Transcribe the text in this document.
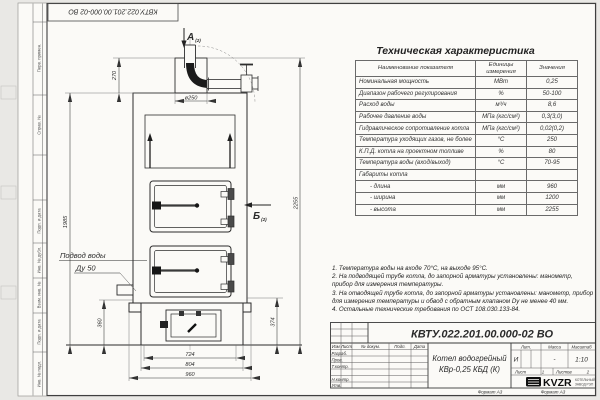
Перв. примен.
Справ. №
Подп. и дата
Инв. № дубл.
Взам. инв. №
Подп. и дата
Инв. № подл.
КВТУ.022.201.00.000-02 ВО
$А_{(2)}$
$Б_{(2)}$
Подвод воды
Ду 50
270
ø250
1985
2255
360	374
724
804
960
КВТУ.022.201.00.000-02 ВО
Изм Лист № докум.	Подп. Дата
Разраб.
Пров.
Т.контр.
Н.контр.
Утв.
Котел водогрейный
КВр-0,25 КБД (К)
Лит.	Масса Масштаб
И	-	1:10
Лист	1	Листов	2
KVZR КОТЕЛЬНЫЙ
ЗАВОД РЭП
Формат А3	Формат А3
Техническая характеристика
Наименование показателя	Единицы измерения	Значения
Номинальная мощность	МВт	0,25
Диапазон рабочего регулирования	%	50-100
Расход воды	м³/ч	8,6
Рабочее давление воды	МПа (кгс/см²)	0,3(3,0)
Гидравлическое сопротивление котла	МПа (кгс/см²)	0,02(0,2)
Температура уходящих газов, не более	°С	250
К.П.Д. котла на проектном топливе	%	80
Температура воды (вход/выход)	°С	70-95
Габариты котла		
- длина	мм	960
- ширина	мм	1200
- высота	мм	2255

1. Температура воды на входе 70°С, на выходе 95°С.

2. На подводящей трубе котла, до запорной арматуры установлены: манометр, прибор для измерения температуры.

3. На отводящей трубе котла, до запорной арматуры установлены: манометр, прибор для измерения температуры и обвод с обратным клапаном Dу не менее 40 мм.

4. Остальные технические требования по ОСТ 108.030.133-84.
